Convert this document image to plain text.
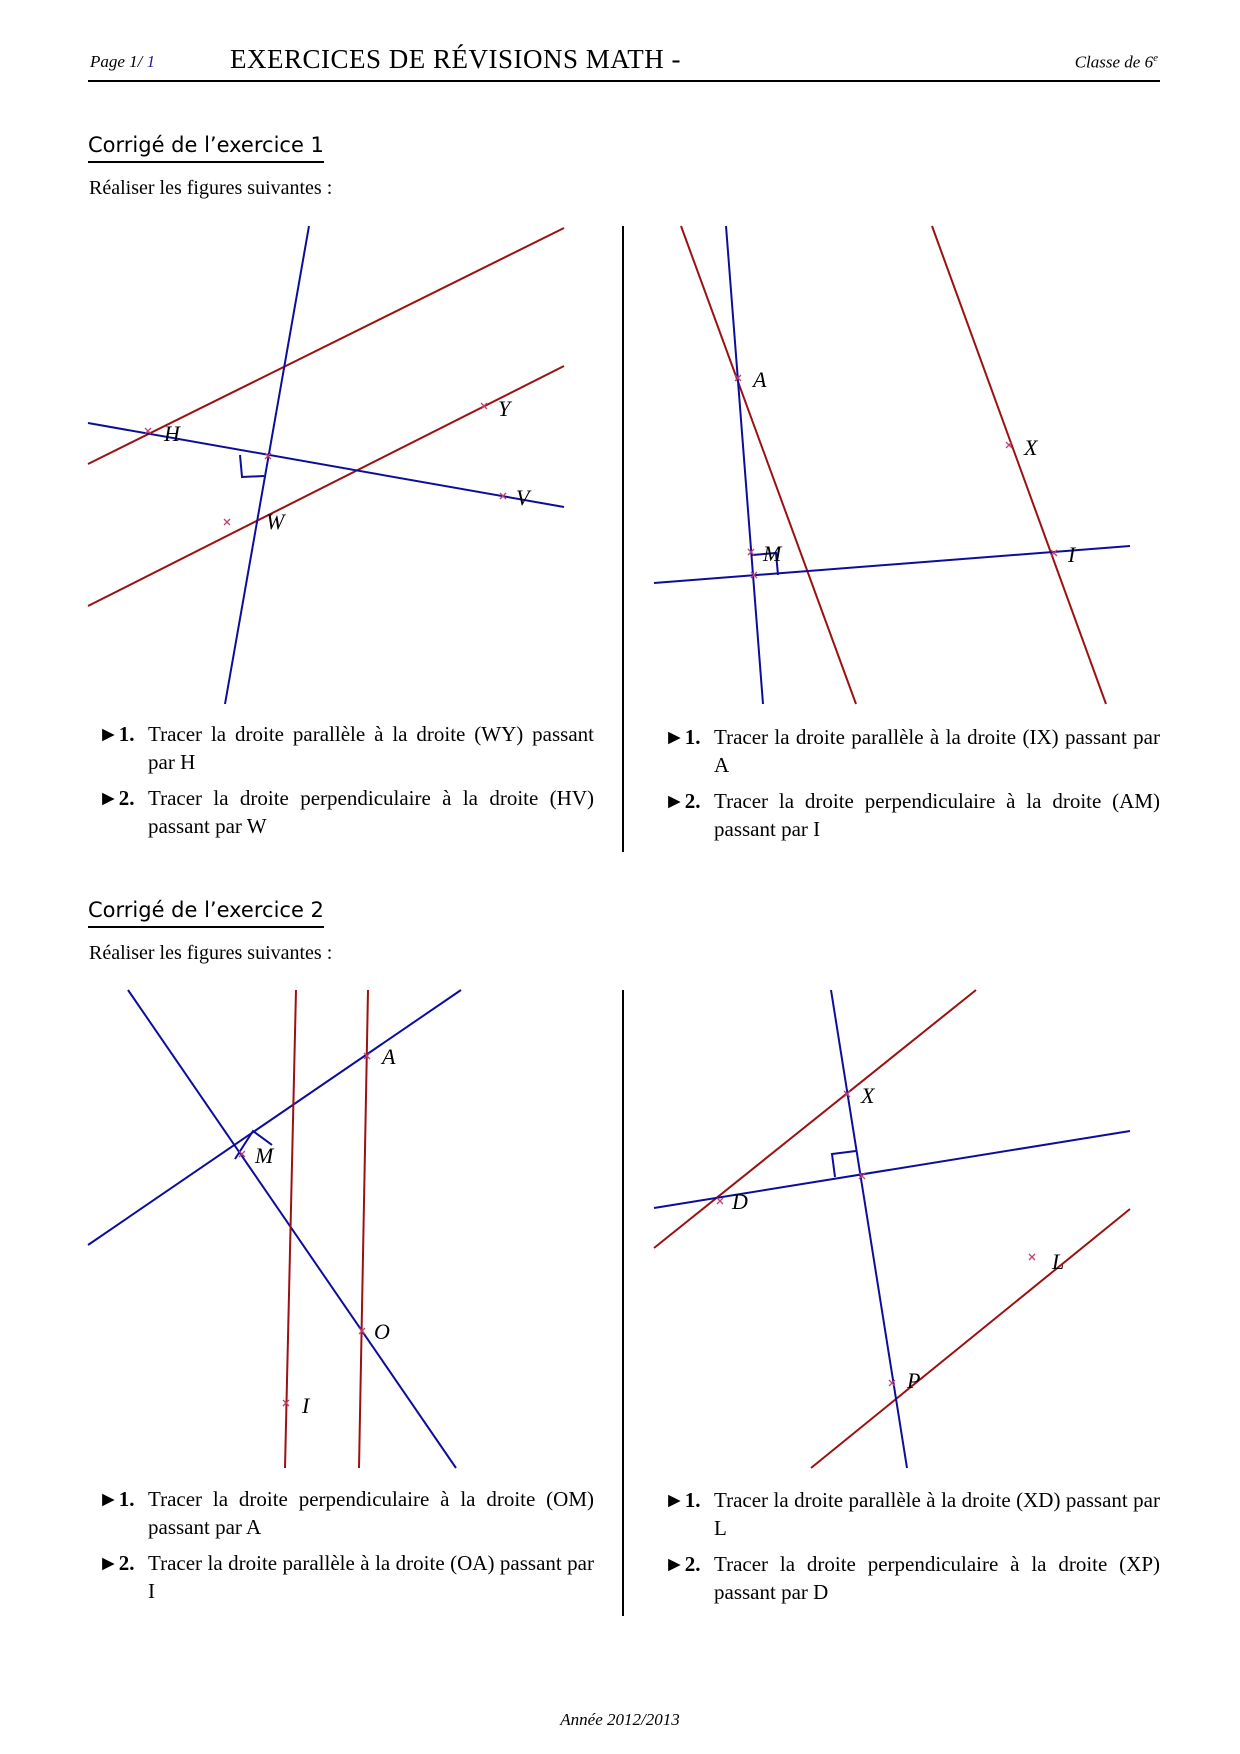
Page 1/ 1	EXERCICES DE RÉVISIONS MATH -	Classe de 6e
Corrigé de l’exercice 1
Réaliser les figures suivantes :
H
Y
V
W
►1. Tracer la droite parallèle à la droite (WY) passant par H
►2. Tracer la droite perpendiculaire à la droite (HV) passant par W
A
X
M	I
►1. Tracer la droite parallèle à la droite (IX) passant par A
►2. Tracer la droite perpendiculaire à la droite (AM) passant par I
Corrigé de l’exercice 2
Réaliser les figures suivantes :
A
M
O
I
►1. Tracer la droite perpendiculaire à la droite (OM) passant par A
►2. Tracer la droite parallèle à la droite (OA) passant par I
X
D
L
P
►1. Tracer la droite parallèle à la droite (XD) passant par L
►2. Tracer la droite perpendiculaire à la droite (XP) passant par D
Année 2012/2013
